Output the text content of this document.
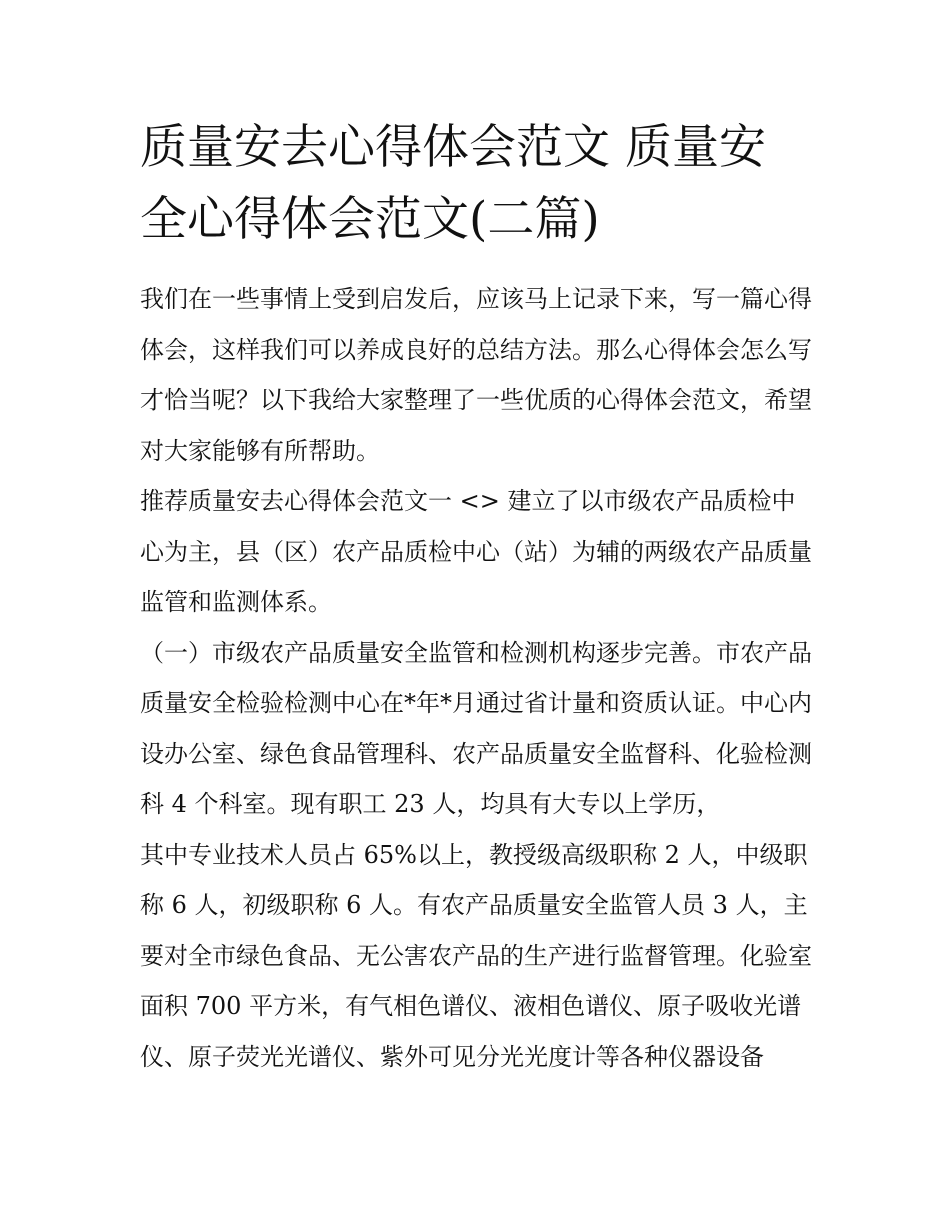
质量安去心得体会范文 质量安全心得体会范文(二篇)

我们在一些事情上受到启发后，应该马上记录下来，写一篇心得体会，这样我们可以养成良好的总结方法。那么心得体会怎么写才恰当呢？以下我给大家整理了一些优质的心得体会范文，希望对大家能够有所帮助。

推荐质量安去心得体会范文一 <> 建立了以市级农产品质检中心为主，县（区）农产品质检中心（站）为辅的两级农产品质量监管和监测体系。

（一）市级农产品质量安全监管和检测机构逐步完善。市农产品质量安全检验检测中心在*年*月通过省计量和资质认证。中心内设办公室、绿色食品管理科、农产品质量安全监督科、化验检测科 4 个科室。现有职工 23 人，均具有大专以上学历，

其中专业技术人员占 65%以上，教授级高级职称 2 人，中级职称 6 人，初级职称 6 人。有农产品质量安全监管人员 3 人，主要对全市绿色食品、无公害农产品的生产进行监督管理。化验室面积 700 平方米，有气相色谱仪、液相色谱仪、原子吸收光谱仪、原子荧光光谱仪、紫外可见分光光度计等各种仪器设备
